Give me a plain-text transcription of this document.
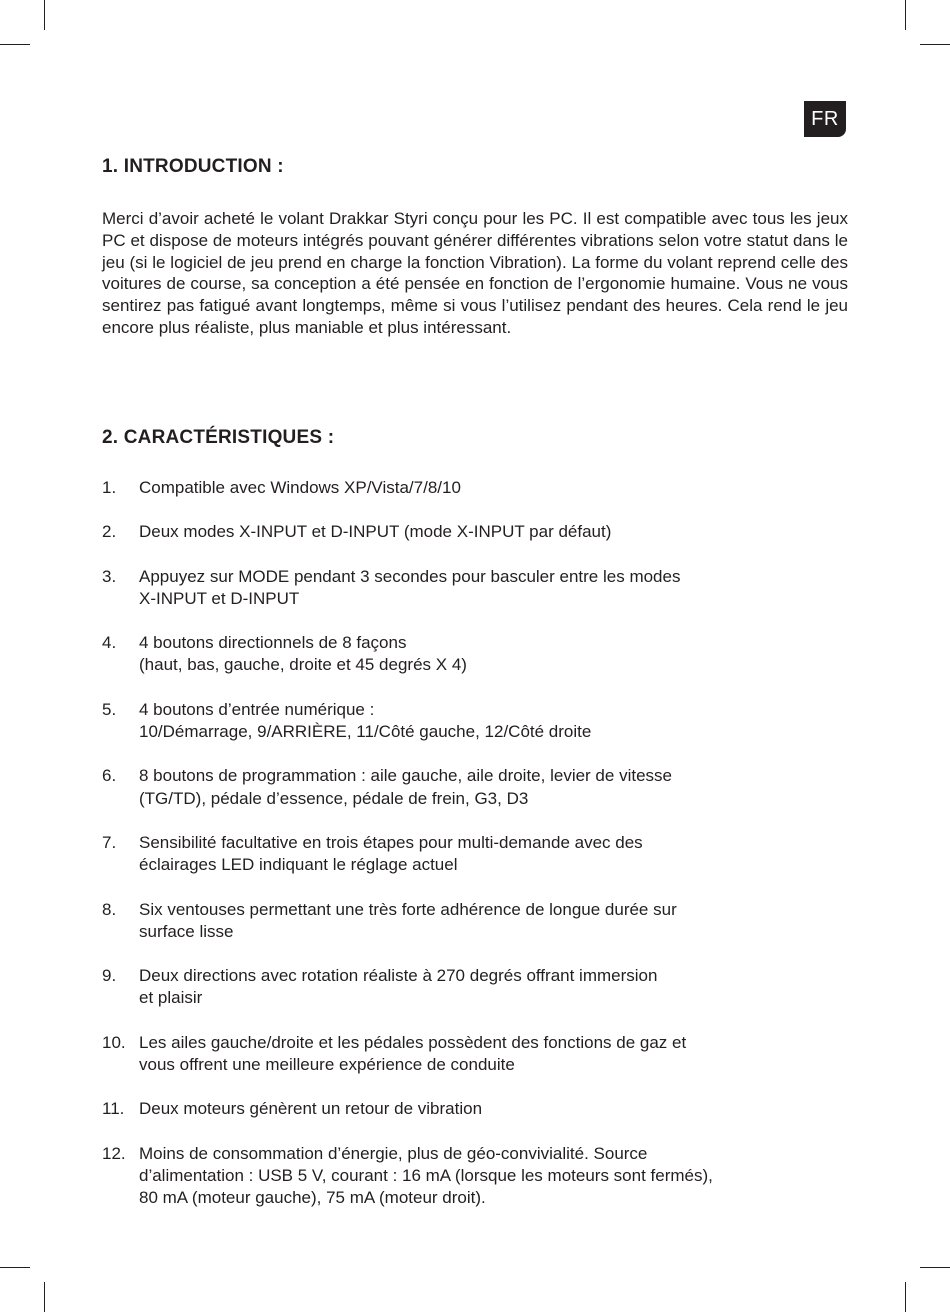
FR
1. INTRODUCTION :

Merci d’avoir acheté le volant Drakkar Styri conçu pour les PC. Il est compatible avec tous les jeux PC et dispose de moteurs intégrés pouvant générer différentes vibrations selon votre statut dans le jeu (si le logiciel de jeu prend en charge la fonction Vibration). La forme du volant reprend celle des voitures de course, sa conception a été pensée en fonction de l’ergonomie humaine. Vous ne vous sentirez pas fatigué avant longtemps, même si vous l’utilisez pendant des heures. Cela rend le jeu encore plus réaliste, plus maniable et plus intéressant.

2. CARACTÉRISTIQUES :
1.	Compatible avec Windows XP/Vista/7/8/10
2.	Deux modes X-INPUT et D-INPUT (mode X-INPUT par défaut)
3.	Appuyez sur MODE pendant 3 secondes pour basculer entre les modes
X-INPUT et D-INPUT
4.	4 boutons directionnels de 8 façons
(haut, bas, gauche, droite et 45 degrés X 4)
5.	4 boutons d’entrée numérique :
10/Démarrage, 9/ARRIÈRE, 11/Côté gauche, 12/Côté droite
6.	8 boutons de programmation : aile gauche, aile droite, levier de vitesse
(TG/TD), pédale d’essence, pédale de frein, G3, D3
7.	Sensibilité facultative en trois étapes pour multi-demande avec des
éclairages LED indiquant le réglage actuel
8.	Six ventouses permettant une très forte adhérence de longue durée sur
surface lisse
9.	Deux directions avec rotation réaliste à 270 degrés offrant immersion
et plaisir
10. Les ailes gauche/droite et les pédales possèdent des fonctions de gaz et
vous offrent une meilleure expérience de conduite
11. Deux moteurs génèrent un retour de vibration
12. Moins de consommation d’énergie, plus de géo-convivialité. Source
d’alimentation : USB 5 V, courant : 16 mA (lorsque les moteurs sont fermés),
80 mA (moteur gauche), 75 mA (moteur droit).
